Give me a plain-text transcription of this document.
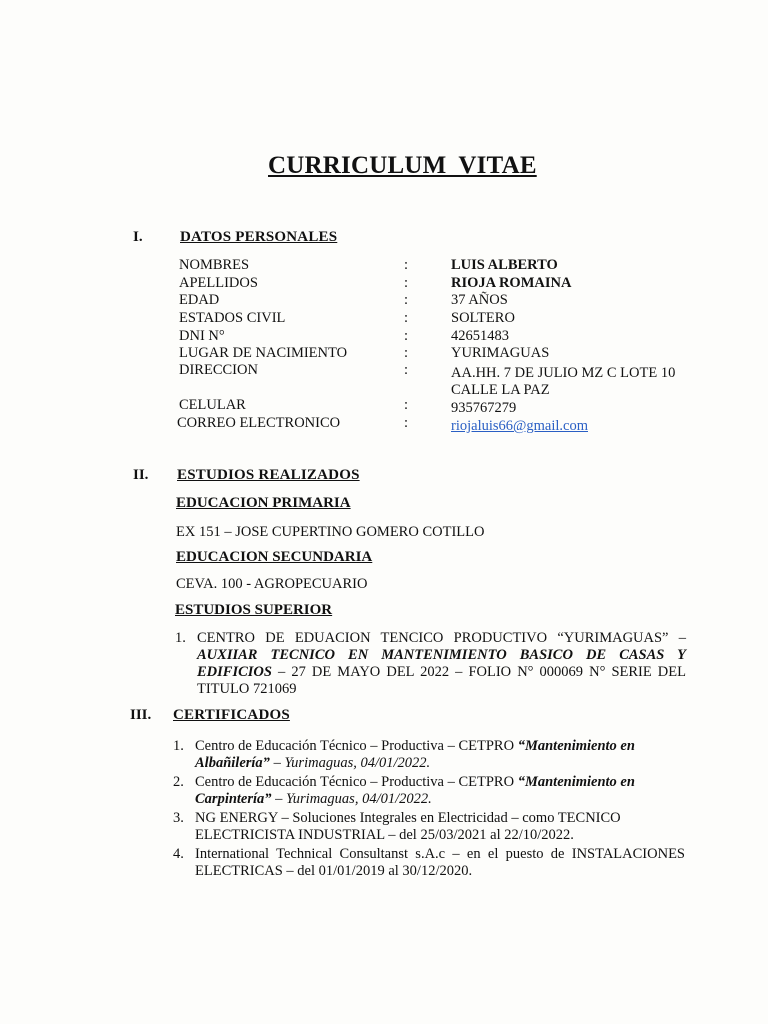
CURRICULUM VITAE
I. DATOS PERSONALES
NOMBRES	:	LUIS ALBERTO
APELLIDOS	:	RIOJA ROMAINA
EDAD	:	37 AÑOS
ESTADOS CIVIL	:	SOLTERO
DNI N°	:	42651483
LUGAR DE NACIMIENTO	:	YURIMAGUAS
DIRECCION	:	AA.HH. 7 DE JULIO MZ C LOTE 10
CALLE LA PAZ
CELULAR	:	935767279
CORREO ELECTRONICO	:	riojaluis66@gmail.com
II. ESTUDIOS REALIZADOS
EDUCACION PRIMARIA
EX 151 – JOSE CUPERTINO GOMERO COTILLO
EDUCACION SECUNDARIA
CEVA. 100 - AGROPECUARIO
ESTUDIOS SUPERIOR
1. CENTRO DE EDUACION TENCICO PRODUCTIVO “YURIMAGUAS” – AUXIIAR TECNICO EN MANTENIMIENTO BASICO DE CASAS Y EDIFICIOS – 27 DE MAYO DEL 2022 – FOLIO N° 000069 N° SERIE DEL TITULO 721069
III. CERTIFICADOS
1. Centro de Educación Técnico – Productiva – CETPRO “Mantenimiento en Albañilería” – Yurimaguas, 04/01/2022.
2. Centro de Educación Técnico – Productiva – CETPRO “Mantenimiento en Carpintería” – Yurimaguas, 04/01/2022.
3. NG ENERGY – Soluciones Integrales en Electricidad – como TECNICO ELECTRICISTA INDUSTRIAL – del 25/03/2021 al 22/10/2022.
4. International Technical Consultanst s.A.c – en el puesto de INSTALACIONES ELECTRICAS – del 01/01/2019 al 30/12/2020.
